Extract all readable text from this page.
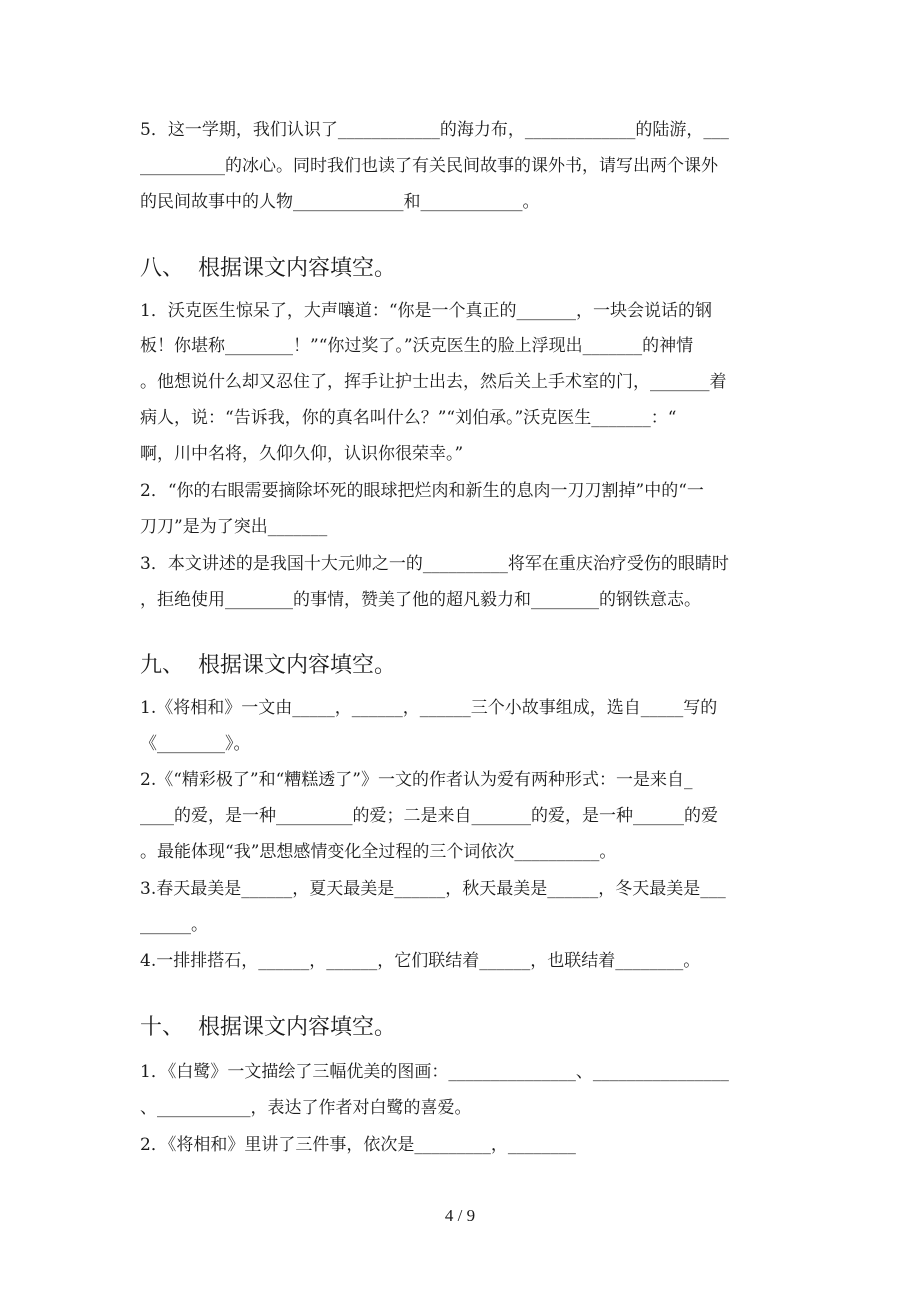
5．这一学期，我们认识了____________的海力布，_____________的陆游，___
__________的冰心。同时我们也读了有关民间故事的课外书，请写出两个课外
的民间故事中的人物_____________和____________。
八、  根据课文内容填空。
1．沃克医生惊呆了，大声嚷道：“你是一个真正的_______，一块会说话的钢
板！你堪称________！”“你过奖了。”沃克医生的脸上浮现出_______的神情
。他想说什么却又忍住了，挥手让护士出去，然后关上手术室的门，_______着
病人，说：“告诉我，你的真名叫什么？”“刘伯承。”沃克医生_______：“
啊，川中名将，久仰久仰，认识你很荣幸。”
2．“你的右眼需要摘除坏死的眼球把烂肉和新生的息肉一刀刀割掉”中的“一
刀刀”是为了突出_______
3．本文讲述的是我国十大元帅之一的__________将军在重庆治疗受伤的眼睛时
，拒绝使用________的事情，赞美了他的超凡毅力和________的钢铁意志。
九、  根据课文内容填空。
1.《将相和》一文由_____，______，______三个小故事组成，选自_____写的
《________》。
2.《“精彩极了”和“糟糕透了”》一文的作者认为爱有两种形式：一是来自_
____的爱，是一种_________的爱；二是来自_______的爱，是一种______的爱
。最能体现“我”思想感情变化全过程的三个词依次__________。
3.春天最美是______，夏天最美是______，秋天最美是______，冬天最美是___
______。
4.一排排搭石，______，______，它们联结着______，也联结着________。
十、  根据课文内容填空。
1．《白鹭》一文描绘了三幅优美的图画：_______________、________________
、___________，表达了作者对白鹭的喜爱。
2．《将相和》里讲了三件事，依次是_________，________
4 / 9
